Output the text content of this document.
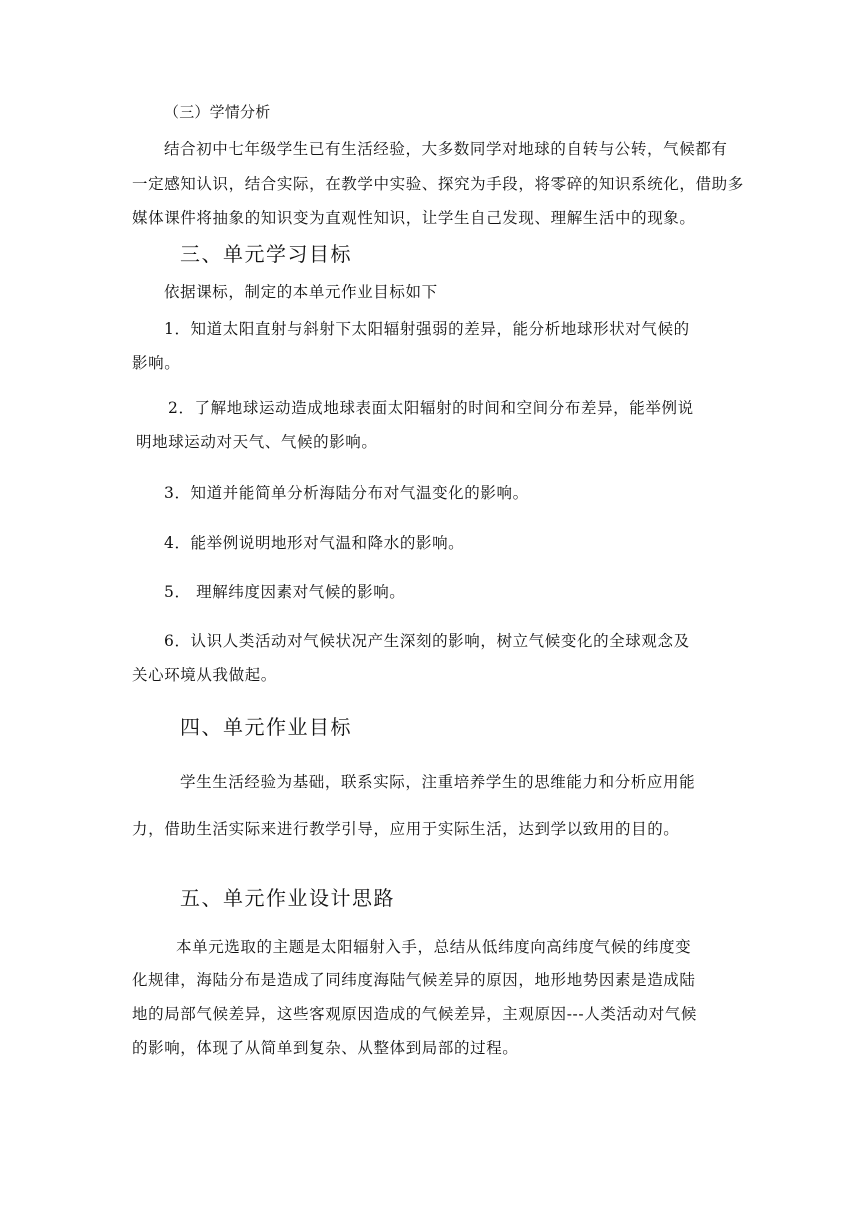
（三）学情分析
结合初中七年级学生已有生活经验，大多数同学对地球的自转与公转，气候都有
一定感知认识，结合实际，在教学中实验、探究为手段，将零碎的知识系统化，借助多
媒体课件将抽象的知识变为直观性知识，让学生自己发现、理解生活中的现象。
三、单元学习目标
依据课标，制定的本单元作业目标如下
1．知道太阳直射与斜射下太阳辐射强弱的差异，能分析地球形状对气候的
影响。
2．了解地球运动造成地球表面太阳辐射的时间和空间分布差异，能举例说
明地球运动对天气、气候的影响。
3．知道并能简单分析海陆分布对气温变化的影响。
4．能举例说明地形对气温和降水的影响。
5． 理解纬度因素对气候的影响。
6．认识人类活动对气候状况产生深刻的影响，树立气候变化的全球观念及
关心环境从我做起。
四、单元作业目标
学生生活经验为基础，联系实际，注重培养学生的思维能力和分析应用能
力，借助生活实际来进行教学引导，应用于实际生活，达到学以致用的目的。
五、单元作业设计思路
本单元选取的主题是太阳辐射入手，总结从低纬度向高纬度气候的纬度变
化规律，海陆分布是造成了同纬度海陆气候差异的原因，地形地势因素是造成陆
地的局部气候差异，这些客观原因造成的气候差异，主观原因---人类活动对气候
的影响，体现了从简单到复杂、从整体到局部的过程。
